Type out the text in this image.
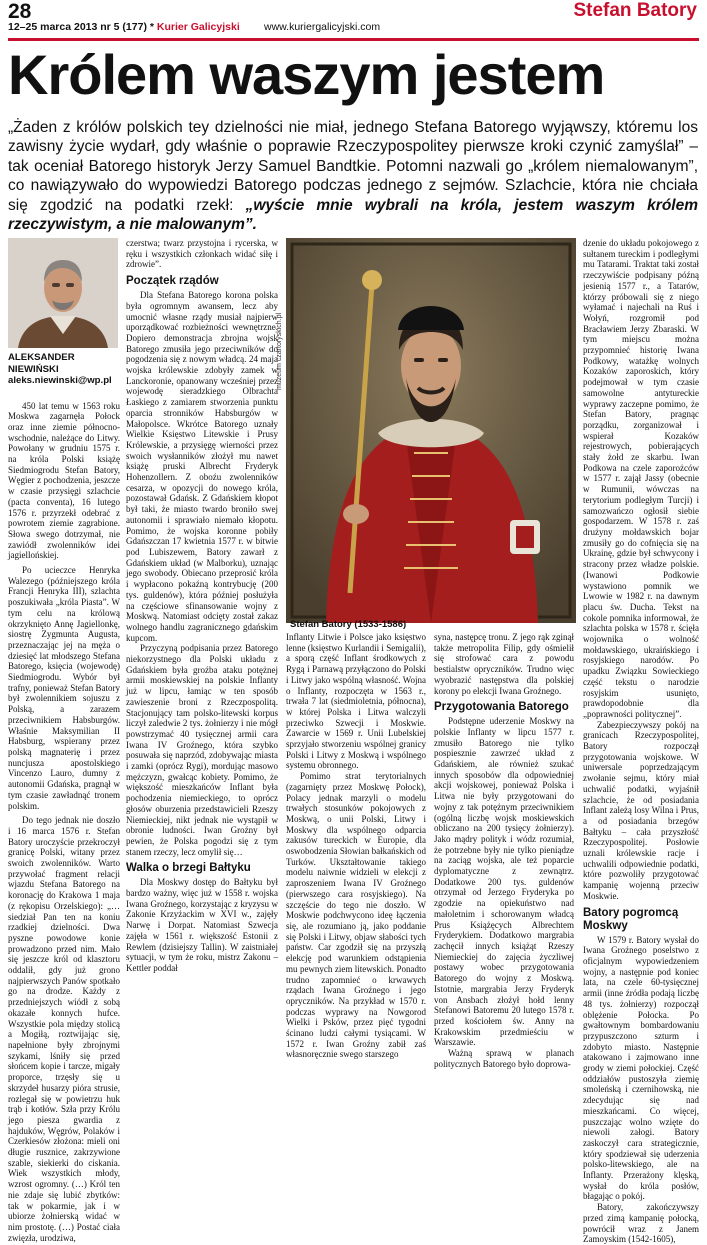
28
12–25 marca 2013 nr 5 (177) * Kurier Galicyjski www.kuriergalicyjski.com
Stefan Batory
Królem waszym jestem
„Żaden z królów polskich tey dzielności nie miał, jednego Stefana Batorego wyjąwszy, któremu los zawisny życie wydarł, gdy właśnie o poprawie Rzeczypospolitey pierwsze kroki czynić zamyślał” – tak oceniał Batorego historyk Jerzy Samuel Bandtkie. Potomni nazwali go „królem niemalowanym”, co nawiązywało do wypowiedzi Batorego podczas jednego z sejmów. Szlachcie, która nie chciała się zgodzić na podatki rzekł: „wyście mnie wybrali na króla, jestem waszym królem rzeczywistym, a nie malowanym”.
ALEKSANDER NIEWIŃSKI
aleks.niewinski@wp.pl

450 lat temu w 1563 roku Moskwa zagarnęła Połock oraz inne ziemie północno-wschodnie, należące do Litwy. Powołany w grudniu 1575 r. na króla Polski książę Siedmiogrodu Stefan Batory, Węgier z pochodzenia, jeszcze w czasie przysięgi szlachcie (pacta conventa), 16 lutego 1576 r. przyrzekł odebrać z powrotem ziemie zagrabione. Słowa swego dotrzymał, nie zawiódł zwolenników idei jagiellońskiej.

Po ucieczce Henryka Walezego (późniejszego króla Francji Henryka III), szlachta poszukiwała „króla Piasta”. W tym celu na królową okrzyknięto Annę Jagiellonkę, siostrę Zygmunta Augusta, przeznaczając jej na męża o dziesięć lat młodszego Stefana Batorego, księcia (wojewodę) Siedmiogrodu. Wybór był trafny, ponieważ Stefan Batory był zwolennikiem sojuszu z Polską, a zarazem przeciwnikiem Habsburgów. Właśnie Maksymilian II Habsburg, wspierany przez polską magnaterię i przez nuncjusza apostolskiego Vincenzo Lauro, dumny z autonomii Gdańska, pragnął w tym czasie zawładnąć tronem polskim.

Do tego jednak nie doszło i 16 marca 1576 r. Stefan Batory uroczyście przekroczył granicę Polski, witany przez swoich zwolenników. Warto przywołać fragment relacji wjazdu Stefana Batorego na koronację do Krakowa 1 maja (z rękopisu Orzelskiego): „…siedział Pan ten na koniu rzadkiej dzielności. Dwa pyszne powodowe konie prowadzono przed nim. Mało się jeszcze król od klasztoru oddalił, gdy już grono najpierwszych Panów spotkało go na drodze. Każdy z przedniejszych wiódł z sobą okazałe konnych hufce. Wszystkie pola między stolicą a Mogiłą, roztwijając się, napełnione były zbrojnymi szykami, lśniły się przed słońcem kopie i tarcze, migały proporce, trzęsły się u skrzydeł husarzy pióra strusie, rozlegał się w powietrzu huk trąb i kotłów. Szła przy Królu jego piesza gwardia z hajduków, Węgrów, Polaków i Czerkiesów złożona: mieli oni długie rusznice, zakrzywione szable, siekierki do ciskania. Wiek wszystkich młody, wzrost ogromny. (…) Król ten nie zdaje się lubić zbytków: tak w pokarmie, jak i w ubiorze żołnierską widać w nim prostotę. (…) Postać ciała zwięzła, urodziwa,

czerstwa; twarz przystojna i rycerska, w ręku i wszystkich członkach widać siłę i zdrowie”.

Początek rządów

Dla Stefana Batorego korona polska była ogromnym awansem, lecz aby umocnić własne rządy musiał najpierw uporządkować rozbieżności wewnętrzne. Dopiero demonstracja zbrojna wojsk Batorego zmusiła jego przeciwników do pogodzenia się z nowym władcą. 24 maja wojska królewskie zdobyły zamek w Lanckoronie, opanowany wcześniej przez wojewodę sieradzkiego Olbrachta Łaskiego z zamiarem stworzenia punktu oparcia stronników Habsburgów w Małopolsce. Wkrótce Batorego uznały Wielkie Księstwo Litewskie i Prusy Królewskie, a przysięgę wierności przez swoich wysłanników złożył mu nawet książę pruski Albrecht Fryderyk Hohenzollern. Z oboźu zwolenników cesarza, w opozycji do nowego króla, pozostawał Gdańsk. Z Gdańskiem kłopot był taki, że miasto twardo broniło swej autonomii i sprawiało niemało kłopotu. Pomimo, że wojska koronne pobiły Gdańszczan 17 kwietnia 1577 r. w bitwie pod Lubiszewem, Batory zawarł z Gdańskiem układ (w Malborku), uznając jego swobody. Obiecano przeprosić króla i wypłacono pokaźną kontrybucję (200 tys. guldenów), która później posłużyła na częściowe sfinansowanie wojny z Moskwą. Natomiast odcięty został zakaz wolnego handlu zagranicznego gdańskim kupcom.

Przyczyną podpisania przez Batorego niekorzystnego dla Polski układu z Gdańskiem była groźba ataku potężnej armii moskiewskiej na polskie Inflanty już w lipcu, łamiąc w ten sposób zawieszenie broni z Rzeczpospolitą. Stacjonujący tam polsko-litewski korpus liczył zaledwie 2 tys. żołnierzy i nie mógł powstrzymać 40 tysięcznej armii cara Iwana IV Groźnego, która szybko posuwała się naprzód, zdobywając miasta i zamki (oprócz Rygi), mordując masowo mężczyzn, gwałcąc kobiety. Pomimo, że większość mieszkańców Inflant była pochodzenia niemieckiego, to oprócz głosów oburzenia przedstawicieli Rzeszy Niemieckiej, nikt jednak nie wystąpił w obronie ludności. Iwan Groźny był pewien, że Polska pogodzi się z tym stanem rzeczy, lecz omylił się…

Walka o brzegi Bałtyku

Dla Moskwy dostęp do Bałtyku był bardzo ważny, więc już w 1558 r. wojska Iwana Groźnego, korzystając z kryzysu w Zakonie Krzyżackim w XVI w., zajęły Narwę i Dorpat. Natomiast Szwecja zajęła w 1561 r. większość Estonii z Rewlem (dzisiejszy Tallin). W zaistniałej sytuacji, w tym że roku, mistrz Zakonu – Kettler poddał

muzeum czartoryskich.pl
Stefan Batory (1533-1586)

Inflanty Litwie i Polsce jako księstwo lenne (księstwo Kurlandii i Semigalii), a sporą część Inflant środkowych z Rygą i Parnawą przyłączono do Polski i Litwy jako wspólną własność. Wojna o Inflanty, rozpoczęta w 1563 r., trwała 7 lat (siedmioletnia, północna), w której Polska i Litwa walczyli przeciwko Szwecji i Moskwie. Zawarcie w 1569 r. Unii Lubelskiej sprzyjało stworzeniu wspólnej granicy Polski i Litwy z Moskwą i wspólnego systemu obronnego.

Pomimo strat terytorialnych (zagarnięty przez Moskwę Połock), Polacy jednak marzyli o modelu trwałych stosunków pokojowych z Moskwą, o unii Polski, Litwy i Moskwy dla wspólnego odparcia zakusów tureckich w Europie, dla oswobodzenia Słowian bałkańskich od Turków. Ukształtowanie takiego modelu naiwnie widzieli w elekcji z zaproszeniem Iwana IV Groźnego (pierwszego cara rosyjskiego). Na szczęście do tego nie doszło. W Moskwie podchwycono ideę łączenia się, ale rozumiano ją, jako poddanie się Polski i Litwy, objaw słabości tych państw. Car zgodził się na przyszłą elekcję pod warunkiem odstąpienia mu pewnych ziem litewskich. Ponadto trudno zapomnieć o krwawych rządach Iwana Groźnego i jego opryczników. Na przykład w 1570 r. podczas wyprawy na Nowgorod Wielki i Psków, przez pięć tygodni ścinano ludzi całymi tysiącami. W 1572 r. Iwan Groźny zabił zaś własnoręcznie swego starszego

syna, następcę tronu. Z jego rąk zginął także metropolita Filip, gdy ośmielił się strofować cara z powodu bestialstw opryczników. Trudno więc wyobrazić następstwa dla polskiej korony po elekcji Iwana Groźnego.

Przygotowania Batorego

Podstępne uderzenie Moskwy na polskie Inflanty w lipcu 1577 r. zmusiło Batorego nie tylko pospiesznie zawrzeć układ z Gdańskiem, ale również szukać innych sposobów dla odpowiedniej akcji wojskowej, ponieważ Polska i Litwa nie były przygotowani do wojny z tak potężnym przeciwnikiem (ogólną liczbę wojsk moskiewskich obliczano na 200 tysięcy żołnierzy). Jako mądry polityk i wódz rozumiał, że potrzebne były nie tylko pieniądze na zaciąg wojska, ale też poparcie dyplomatyczne z zewnątrz. Dodatkowe 200 tys. guldenów otrzymał od Jerzego Fryderyka po zgodzie na opiekuństwo nad małoletnim i schorowanym władcą Prus Książęcych Albrechtem Fryderykiem. Dodatkowo margrabia zachęcił innych książąt Rzeszy Niemieckiej do zajęcia życzliwej postawy wobec przygotowania Batorego do wojny z Moskwą. Istotnie, margrabia Jerzy Fryderyk von Ansbach złożył hołd lenny Stefanowi Batoremu 20 lutego 1578 r. przed kościołem św. Anny na Krakowskim przedmieściu w Warszawie.

Ważną sprawą w planach politycznych Batorego było doprowa-

dzenie do układu pokojowego z sułtanem tureckim i podległymi mu Tatarami. Traktat taki został rzeczywiście podpisany późną jesienią 1577 r., a Tatarów, którzy próbowali się z niego wyłamać i najechali na Ruś i Wołyń, rozgromił pod Bracławiem Jerzy Zbaraski. W tym miejscu można przypomnieć historię Iwana Podkowy, watażkę wolnych Kozaków zaporoskich, który podejmował w tym czasie samowolne antytureckie wyprawy zaczepne pomimo, że Stefan Batory, pragnąc porządku, zorganizował i wspierał Kozaków rejestrowych, pobierających stały żołd ze skarbu. Iwan Podkowa na czele zaporożców w 1577 r. zajął Jassy (obecnie w Rumunii, wówczas na terytorium podległym Turcji) i samozwańczo ogłosił siebie gospodarzem. W 1578 r. zaś drużyny mołdawskich bojar zmusiły go do cofnięcia się na Ukrainę, gdzie był schwycony i stracony przez władze polskie. (Iwanowi Podkowie wystawiono pomnik we Lwowie w 1982 r. na dawnym placu św. Ducha. Tekst na cokole pomnika informował, że szlachta polska w 1578 r. ścięła wojownika o wolność mołdawskiego, ukraińskiego i rosyjskiego narodów. Po upadku Związku Sowieckiego część tekstu o narodzie rosyjskim usunięto, prawdopodobnie dla „poprawności politycznej”.

Zabezpieczywszy pokój na granicach Rzeczypospolitej, Batory rozpoczął przygotowania wojskowe. W uniwersale poprzedzającym zwołanie sejmu, który miał uchwalić podatki, wyjaśnił szlachcie, że od posiadania Inflant zależą losy Wilna i Prus, a od posiadania brzegów Bałtyku – cała przyszłość Rzeczypospolitej. Posłowie uznali królewskie racje i uchwalili odpowiednie podatki, które pozwoliły przygotować kampanię wojenną przeciw Moskwie.

Batory pogromcą Moskwy

W 1579 r. Batory wysłał do Iwana Groźnego poselstwo z oficjalnym wypowiedzeniem wojny, a następnie pod koniec lata, na czele 60-tysięcznej armii (inne źródła podają liczbę 48 tys. żołnierzy) rozpoczął oblężenie Połocka. Po gwałtownym bombardowaniu przypuszczono szturm i zdobyto miasto. Następnie atakowano i zajmowano inne grody w ziemi połockiej. Część oddziałów pustoszyła ziemię smoleńską i czernihowską, nie zdecydując się nad mieszkańcami. Co więcej, puszczając wolno wzięte do niewoli załogi. Batory zaskoczył cara strategicznie, który spodziewał się uderzenia polsko-litewskiego, ale na Inflanty. Przerażony klęską, wysłał do króla posłów, błagając o pokój.

Batory, zakończywszy przed zimą kampanię połocką, powrócił wraz z Janem Zamoyskim (1542-1605),
